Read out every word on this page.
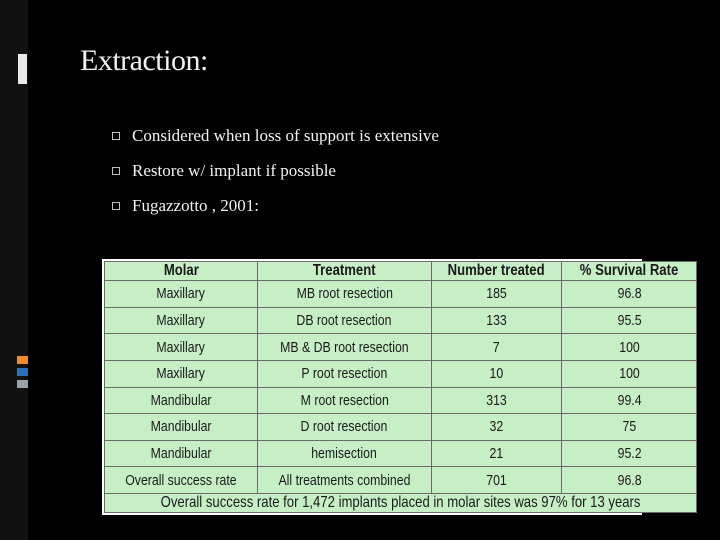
Extraction:
Considered when loss of support is extensive
Restore w/ implant if possible
Fugazzotto , 2001:
Molar	Treatment	Number treated	% Survival Rate
Maxillary	MB root resection	185	96.8
Maxillary	DB root resection	133	95.5
Maxillary	MB & DB root resection	7	100
Maxillary	P root resection	10	100
Mandibular	M root resection	313	99.4
Mandibular	D root resection	32	75
Mandibular	hemisection	21	95.2
Overall success rate	All treatments combined	701	96.8
Overall success rate for 1,472 implants placed in molar sites was 97% for 13 years			
